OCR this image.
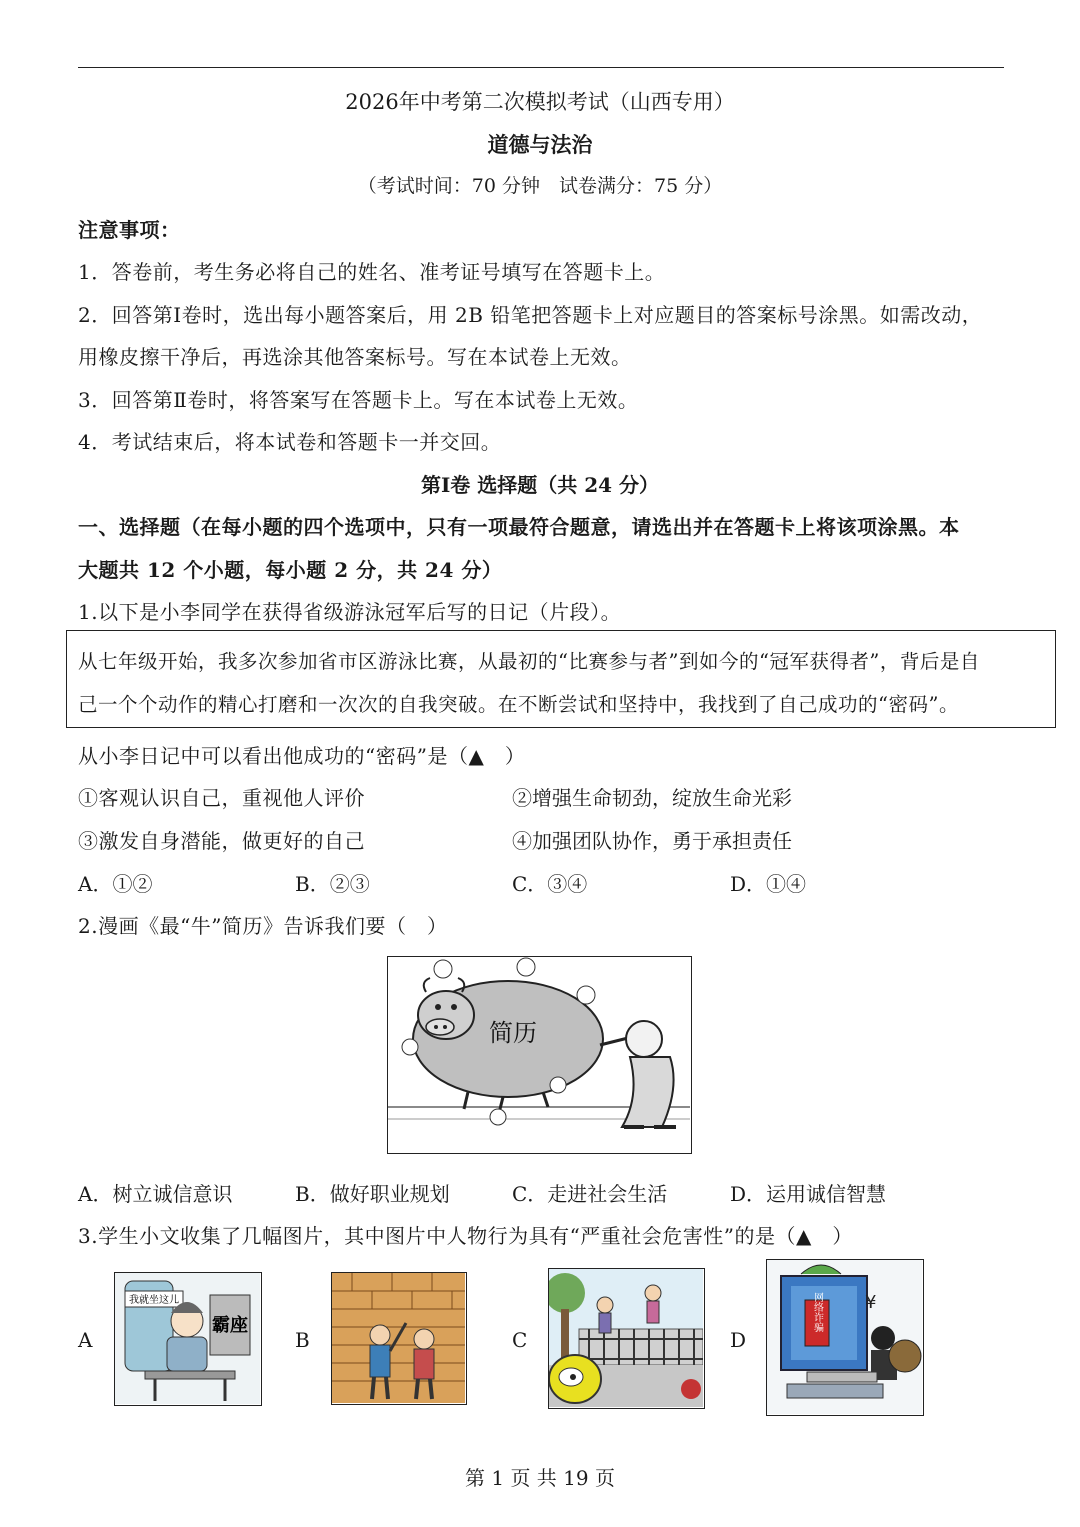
2026年中考第二次模拟考试（山西专用）
道德与法治
（考试时间：70 分钟　试卷满分：75 分）
注意事项：
1．答卷前，考生务必将自己的姓名、准考证号填写在答题卡上。
2．回答第Ⅰ卷时，选出每小题答案后，用 2B 铅笔把答题卡上对应题目的答案标号涂黑。如需改动，
用橡皮擦干净后，再选涂其他答案标号。写在本试卷上无效。
3．回答第Ⅱ卷时，将答案写在答题卡上。写在本试卷上无效。
4．考试结束后，将本试卷和答题卡一并交回。
第Ⅰ卷 选择题（共 24 分）
一、选择题（在每小题的四个选项中，只有一项最符合题意，请选出并在答题卡上将该项涂黑。本
大题共 12 个小题，每小题 2 分，共 24 分）
1.以下是小李同学在获得省级游泳冠军后写的日记（片段）。
从七年级开始，我多次参加省市区游泳比赛，从最初的“比赛参与者”到如今的“冠军获得者”，背后是自
己一个个动作的精心打磨和一次次的自我突破。在不断尝试和坚持中，我找到了自己成功的“密码”。
从小李日记中可以看出他成功的“密码”是（▲　）
①客观认识自己，重视他人评价	②增强生命韧劲，绽放生命光彩
③激发自身潜能，做更好的自己	④加强团队协作，勇于承担责任
A．①②	B．②③	C．③④	D．①④
2.漫画《最“牛”简历》告诉我们要（　）
简历
A．树立诚信意识	B．做好职业规划	C．走进社会生活	D．运用诚信智慧
3.学生小文收集了几幅图片，其中图片中人物行为具有“严重社会危害性”的是（▲　）
A
我就坐这儿
霸座
B	C	D
网络诈骗 ¥
第 1 页 共 19 页
